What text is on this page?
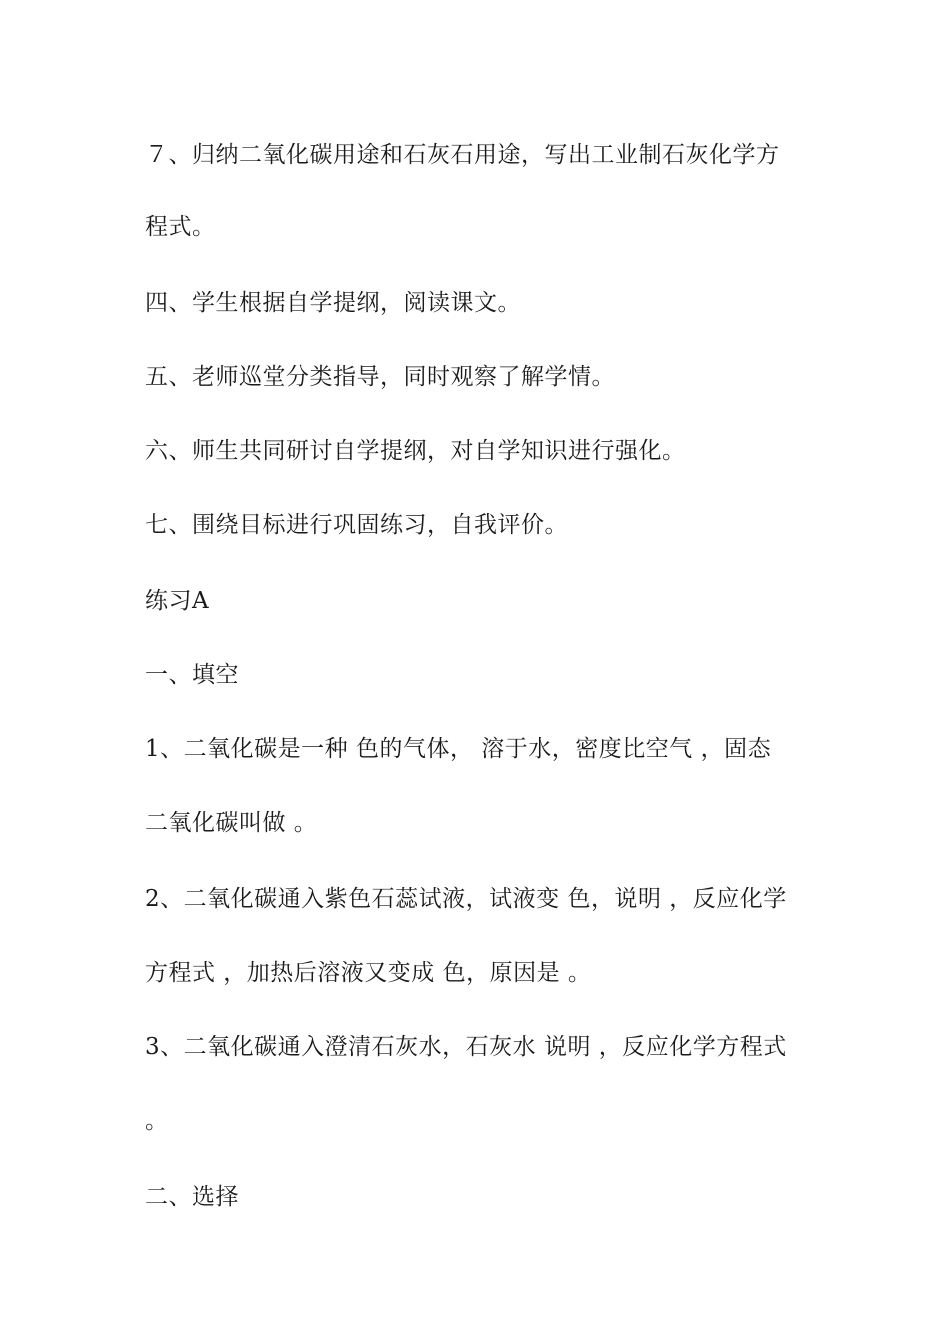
７、归纳二氧化碳用途和石灰石用途，写出工业制石灰化学方
程式。
四、学生根据自学提纲，阅读课文。
五、老师巡堂分类指导，同时观察了解学情。
六、师生共同研讨自学提纲，对自学知识进行强化。
七、围绕目标进行巩固练习，自我评价。
练习A
一、填空
1、二氧化碳是一种 色的气体， 溶于水，密度比空气 ，固态
二氧化碳叫做 。
2、二氧化碳通入紫色石蕊试液，试液变 色，说明 ，反应化学
方程式 ，加热后溶液又变成 色，原因是 。
3、二氧化碳通入澄清石灰水，石灰水 说明 ，反应化学方程式
。
二、选择
